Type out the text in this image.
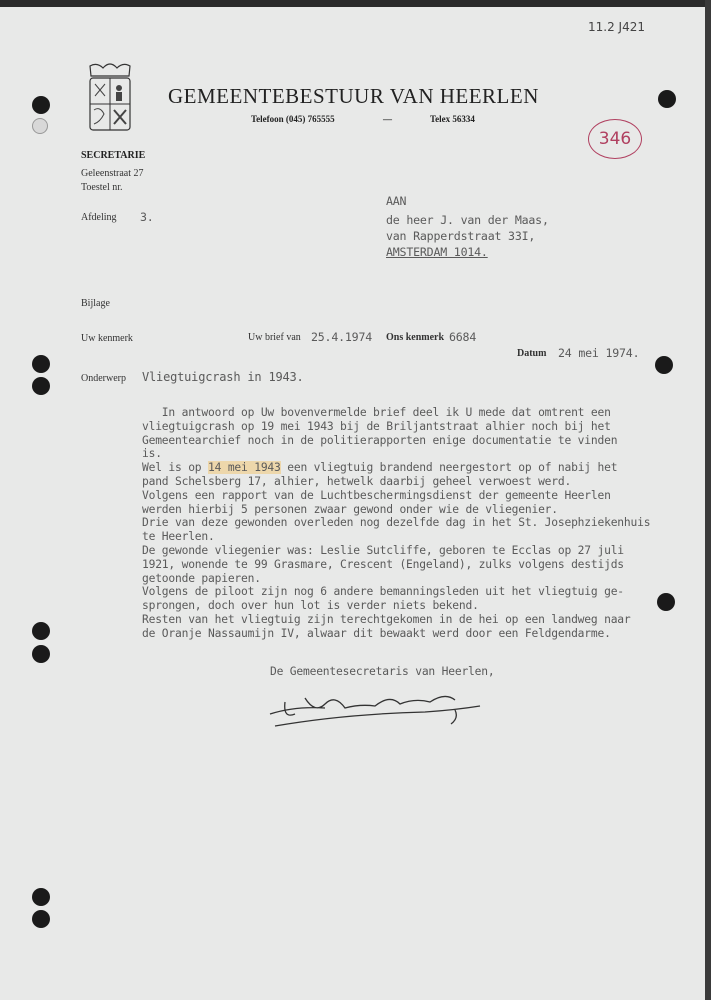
11.2 J421
346
GEMEENTEBESTUUR VAN HEERLEN
Telefoon (045) 765555	—	Telex 56334
SECRETARIE
Geleenstraat 27
Toestel nr.
Afdeling 3.
AAN
de heer J. van der Maas,
van Rapperdstraat 33I,
AMSTERDAM 1014.
Bijlage
Uw kenmerk	Uw brief van 25.4.1974 Ons kenmerk 6684
Datum 24 mei 1974.
Onderwerp Vliegtuigcrash in 1943.

In antwoord op Uw bovenvermelde brief deel ik U mede dat omtrent een

vliegtuigcrash op 19 mei 1943 bij de Briljantstraat alhier noch bij het

Gemeentearchief noch in de politierapporten enige documentatie te vinden

is.

Wel is op 14 mei 1943 een vliegtuig brandend neergestort op of nabij het

pand Schelsberg 17, alhier, hetwelk daarbij geheel verwoest werd.

Volgens een rapport van de Luchtbeschermingsdienst der gemeente Heerlen

werden hierbij 5 personen zwaar gewond onder wie de vliegenier.

Drie van deze gewonden overleden nog dezelfde dag in het St. Josephziekenhuis

te Heerlen.

De gewonde vliegenier was: Leslie Sutcliffe, geboren te Ecclas op 27 juli

1921, wonende te 99 Grasmare, Crescent (Engeland), zulks volgens destijds

getoonde papieren.

Volgens de piloot zijn nog 6 andere bemanningsleden uit het vliegtuig ge-

sprongen, doch over hun lot is verder niets bekend.

Resten van het vliegtuig zijn terechtgekomen in de hei op een landweg naar

de Oranje Nassaumijn IV, alwaar dit bewaakt werd door een Feldgendarme.

De Gemeentesecretaris van Heerlen,
